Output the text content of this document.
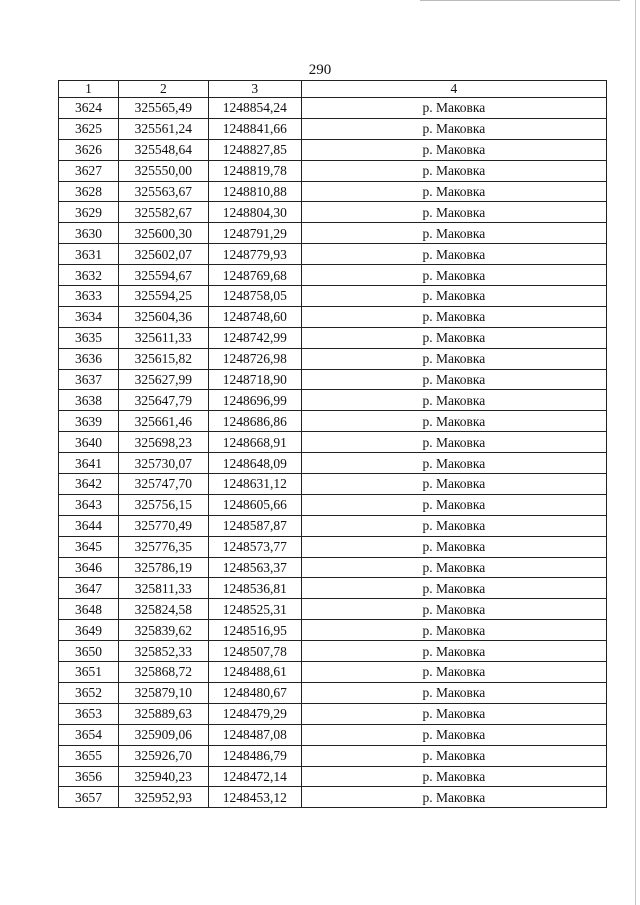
290
1	2	3	4
3624	325565,49	1248854,24	р. Маковка
3625	325561,24	1248841,66	р. Маковка
3626	325548,64	1248827,85	р. Маковка
3627	325550,00	1248819,78	р. Маковка
3628	325563,67	1248810,88	р. Маковка
3629	325582,67	1248804,30	р. Маковка
3630	325600,30	1248791,29	р. Маковка
3631	325602,07	1248779,93	р. Маковка
3632	325594,67	1248769,68	р. Маковка
3633	325594,25	1248758,05	р. Маковка
3634	325604,36	1248748,60	р. Маковка
3635	325611,33	1248742,99	р. Маковка
3636	325615,82	1248726,98	р. Маковка
3637	325627,99	1248718,90	р. Маковка
3638	325647,79	1248696,99	р. Маковка
3639	325661,46	1248686,86	р. Маковка
3640	325698,23	1248668,91	р. Маковка
3641	325730,07	1248648,09	р. Маковка
3642	325747,70	1248631,12	р. Маковка
3643	325756,15	1248605,66	р. Маковка
3644	325770,49	1248587,87	р. Маковка
3645	325776,35	1248573,77	р. Маковка
3646	325786,19	1248563,37	р. Маковка
3647	325811,33	1248536,81	р. Маковка
3648	325824,58	1248525,31	р. Маковка
3649	325839,62	1248516,95	р. Маковка
3650	325852,33	1248507,78	р. Маковка
3651	325868,72	1248488,61	р. Маковка
3652	325879,10	1248480,67	р. Маковка
3653	325889,63	1248479,29	р. Маковка
3654	325909,06	1248487,08	р. Маковка
3655	325926,70	1248486,79	р. Маковка
3656	325940,23	1248472,14	р. Маковка
3657	325952,93	1248453,12	р. Маковка
